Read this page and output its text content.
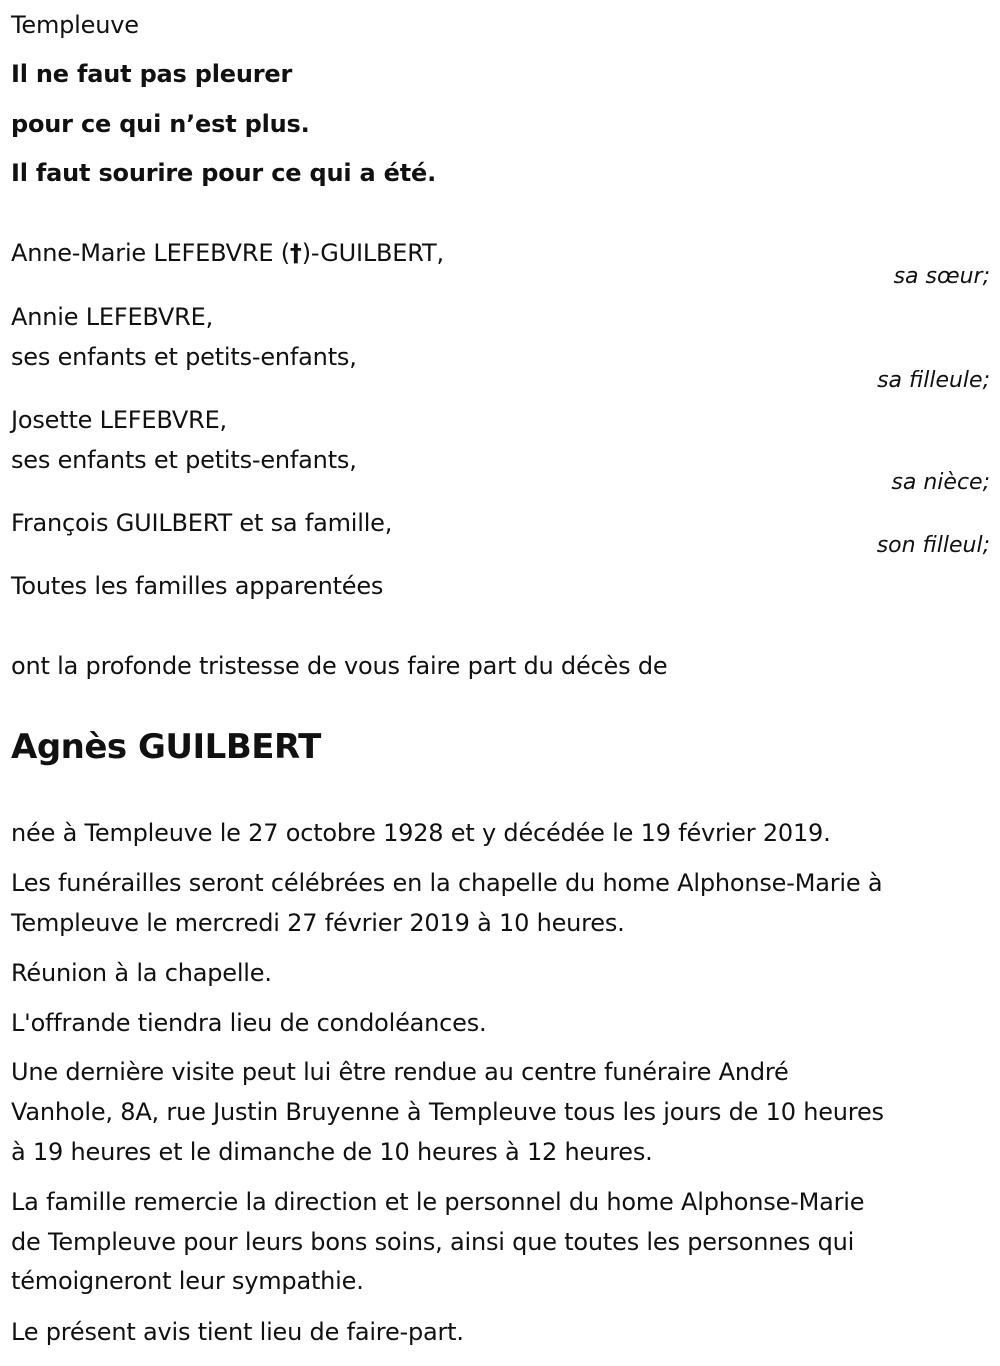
Templeuve
Il ne faut pas pleurer
pour ce qui n’est plus.
Il faut sourire pour ce qui a été.
Anne-Marie LEFEBVRE (†)-GUILBERT,
sa sœur;
Annie LEFEBVRE,
ses enfants et petits-enfants,
sa filleule;
Josette LEFEBVRE,
ses enfants et petits-enfants,
sa nièce;
François GUILBERT et sa famille,
son filleul;
Toutes les familles apparentées
ont la profonde tristesse de vous faire part du décès de
Agnès GUILBERT
née à Templeuve le 27 octobre 1928 et y décédée le 19 février 2019.
Les funérailles seront célébrées en la chapelle du home Alphonse-Marie à
Templeuve le mercredi 27 février 2019 à 10 heures.
Réunion à la chapelle.
L'offrande tiendra lieu de condoléances.
Une dernière visite peut lui être rendue au centre funéraire André
Vanhole, 8A, rue Justin Bruyenne à Templeuve tous les jours de 10 heures
à 19 heures et le dimanche de 10 heures à 12 heures.
La famille remercie la direction et le personnel du home Alphonse-Marie
de Templeuve pour leurs bons soins, ainsi que toutes les personnes qui
témoigneront leur sympathie.
Le présent avis tient lieu de faire-part.
